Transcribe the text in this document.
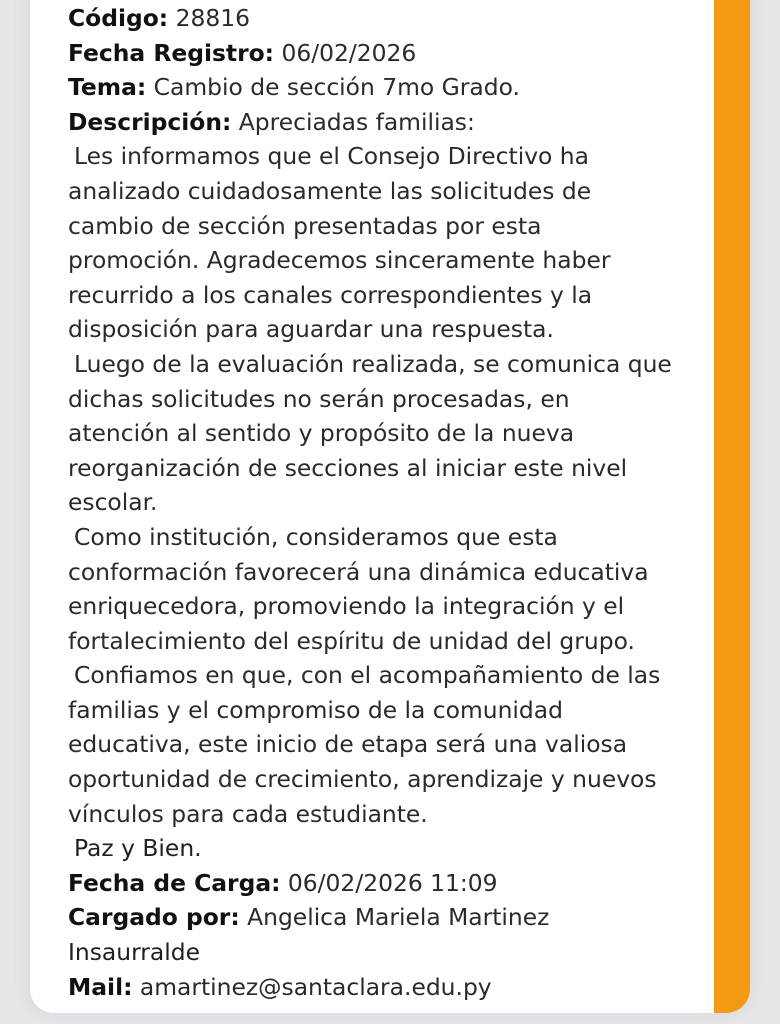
Código: 28816
Fecha Registro: 06/02/2026
Tema: Cambio de sección 7mo Grado.
Descripción: Apreciadas familias:
Les informamos que el Consejo Directivo ha
analizado cuidadosamente las solicitudes de
cambio de sección presentadas por esta
promoción. Agradecemos sinceramente haber
recurrido a los canales correspondientes y la
disposición para aguardar una respuesta.
Luego de la evaluación realizada, se comunica que
dichas solicitudes no serán procesadas, en
atención al sentido y propósito de la nueva
reorganización de secciones al iniciar este nivel
escolar.
Como institución, consideramos que esta
conformación favorecerá una dinámica educativa
enriquecedora, promoviendo la integración y el
fortalecimiento del espíritu de unidad del grupo.
Confiamos en que, con el acompañamiento de las
familias y el compromiso de la comunidad
educativa, este inicio de etapa será una valiosa
oportunidad de crecimiento, aprendizaje y nuevos
vínculos para cada estudiante.
Paz y Bien.
Fecha de Carga: 06/02/2026 11:09
Cargado por: Angelica Mariela Martinez
Insaurralde
Mail: amartinez@santaclara.edu.py
